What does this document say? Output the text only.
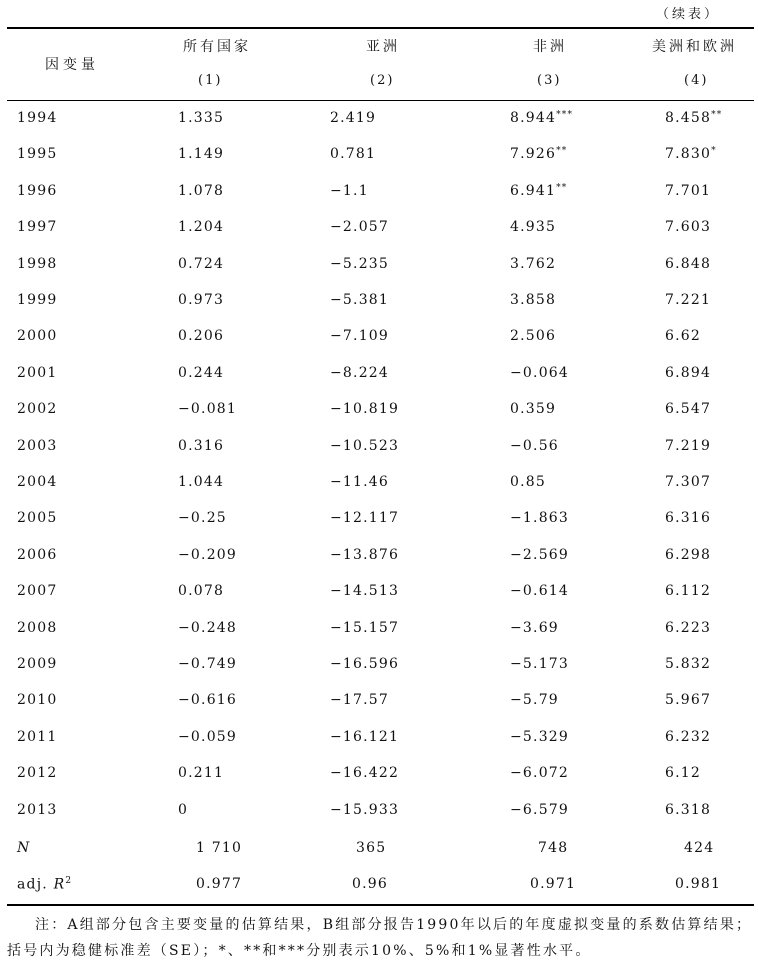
（续表）
因变量
所有国家	亚洲	非洲	美洲和欧洲
(1)	(2)	(3)	(4)
1994	1.335	2.419	8.944***	8.458**
1995	1.149	0.781	7.926**	7.830*
1996	1.078	−1.1	6.941**	7.701
1997	1.204	−2.057	4.935	7.603
1998	0.724	−5.235	3.762	6.848
1999	0.973	−5.381	3.858	7.221
2000	0.206	−7.109	2.506	6.62
2001	0.244	−8.224	−0.064	6.894
2002	−0.081	−10.819	0.359	6.547
2003	0.316	−10.523	−0.56	7.219
2004	1.044	−11.46	0.85	7.307
2005	−0.25	−12.117	−1.863	6.316
2006	−0.209	−13.876	−2.569	6.298
2007	0.078	−14.513	−0.614	6.112
2008	−0.248	−15.157	−3.69	6.223
2009	−0.749	−16.596	−5.173	5.832
2010	−0.616	−17.57	−5.79	5.967
2011	−0.059	−16.121	−5.329	6.232
2012	0.211	−16.422	−6.072	6.12
2013	0	−15.933	−6.579	6.318
N	1 710	365	748	424
adj. $R^2$	0.977	0.96	0.971	0.981
注：A组部分包含主要变量的估算结果，B组部分报告1990年以后的年度虚拟变量的系数估算结果；括号内为稳健标准差（SE）；*、**和***分别表示10%、5%和1%显著性水平。
